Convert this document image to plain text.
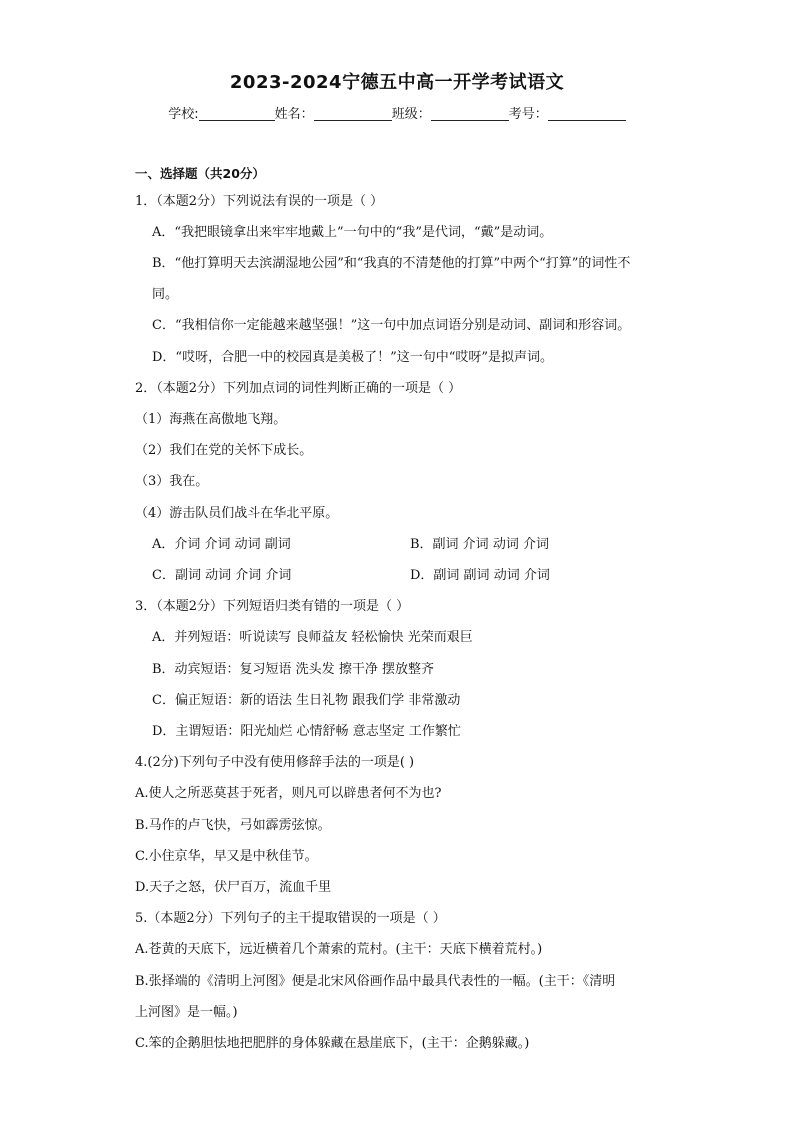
2023-2024宁德五中高一开学考试语文
学校:	姓名：	班级：	考号：
一、选择题（共20分）
1．（本题2分）下列说法有误的一项是（ ）
A．“我把眼镜拿出来牢牢地戴上”一句中的“我”是代词，“戴”是动词。
B．“他打算明天去滨湖湿地公园”和“我真的不清楚他的打算”中两个“打算”的词性不
同。
C．“我相信你一定能越来越坚强！”这一句中加点词语分别是动词、副词和形容词。
D．“哎呀，合肥一中的校园真是美极了！”这一句中“哎呀”是拟声词。
2．（本题2分）下列加点词的词性判断正确的一项是（ ）
（1）海燕在高傲地飞翔。
（2）我们在党的关怀下成长。
（3）我在。
（4）游击队员们战斗在华北平原。
A．介词 介词 动词 副词	B．副词 介词 动词 介词
C．副词 动词 介词 介词	D．副词 副词 动词 介词
3．（本题2分）下列短语归类有错的一项是（ ）
A．并列短语：听说读写 良师益友 轻松愉快 光荣而艰巨
B．动宾短语：复习短语 洗头发 擦干净 摆放整齐
C．偏正短语：新的语法 生日礼物 跟我们学 非常激动
D．主谓短语：阳光灿烂 心情舒畅 意志坚定 工作繁忙
4.(2分)下列句子中没有使用修辞手法的一项是( )
A.使人之所恶莫甚于死者，则凡可以辟患者何不为也?
B.马作的卢飞快，弓如霹雳弦惊。
C.小住京华，早又是中秋佳节。
D.天子之怒，伏尸百万，流血千里
5.（本题2分）下列句子的主干提取错误的一项是（ ）
A.苍黄的天底下，远近横着几个萧索的荒村。(主干：天底下横着荒村。)
B.张择端的《清明上河图》便是北宋风俗画作品中最具代表性的一幅。(主干：《清明
上河图》是一幅。)
C.笨的企鹅胆怯地把肥胖的身体躲藏在悬崖底下，(主干：企鹅躲藏。)
